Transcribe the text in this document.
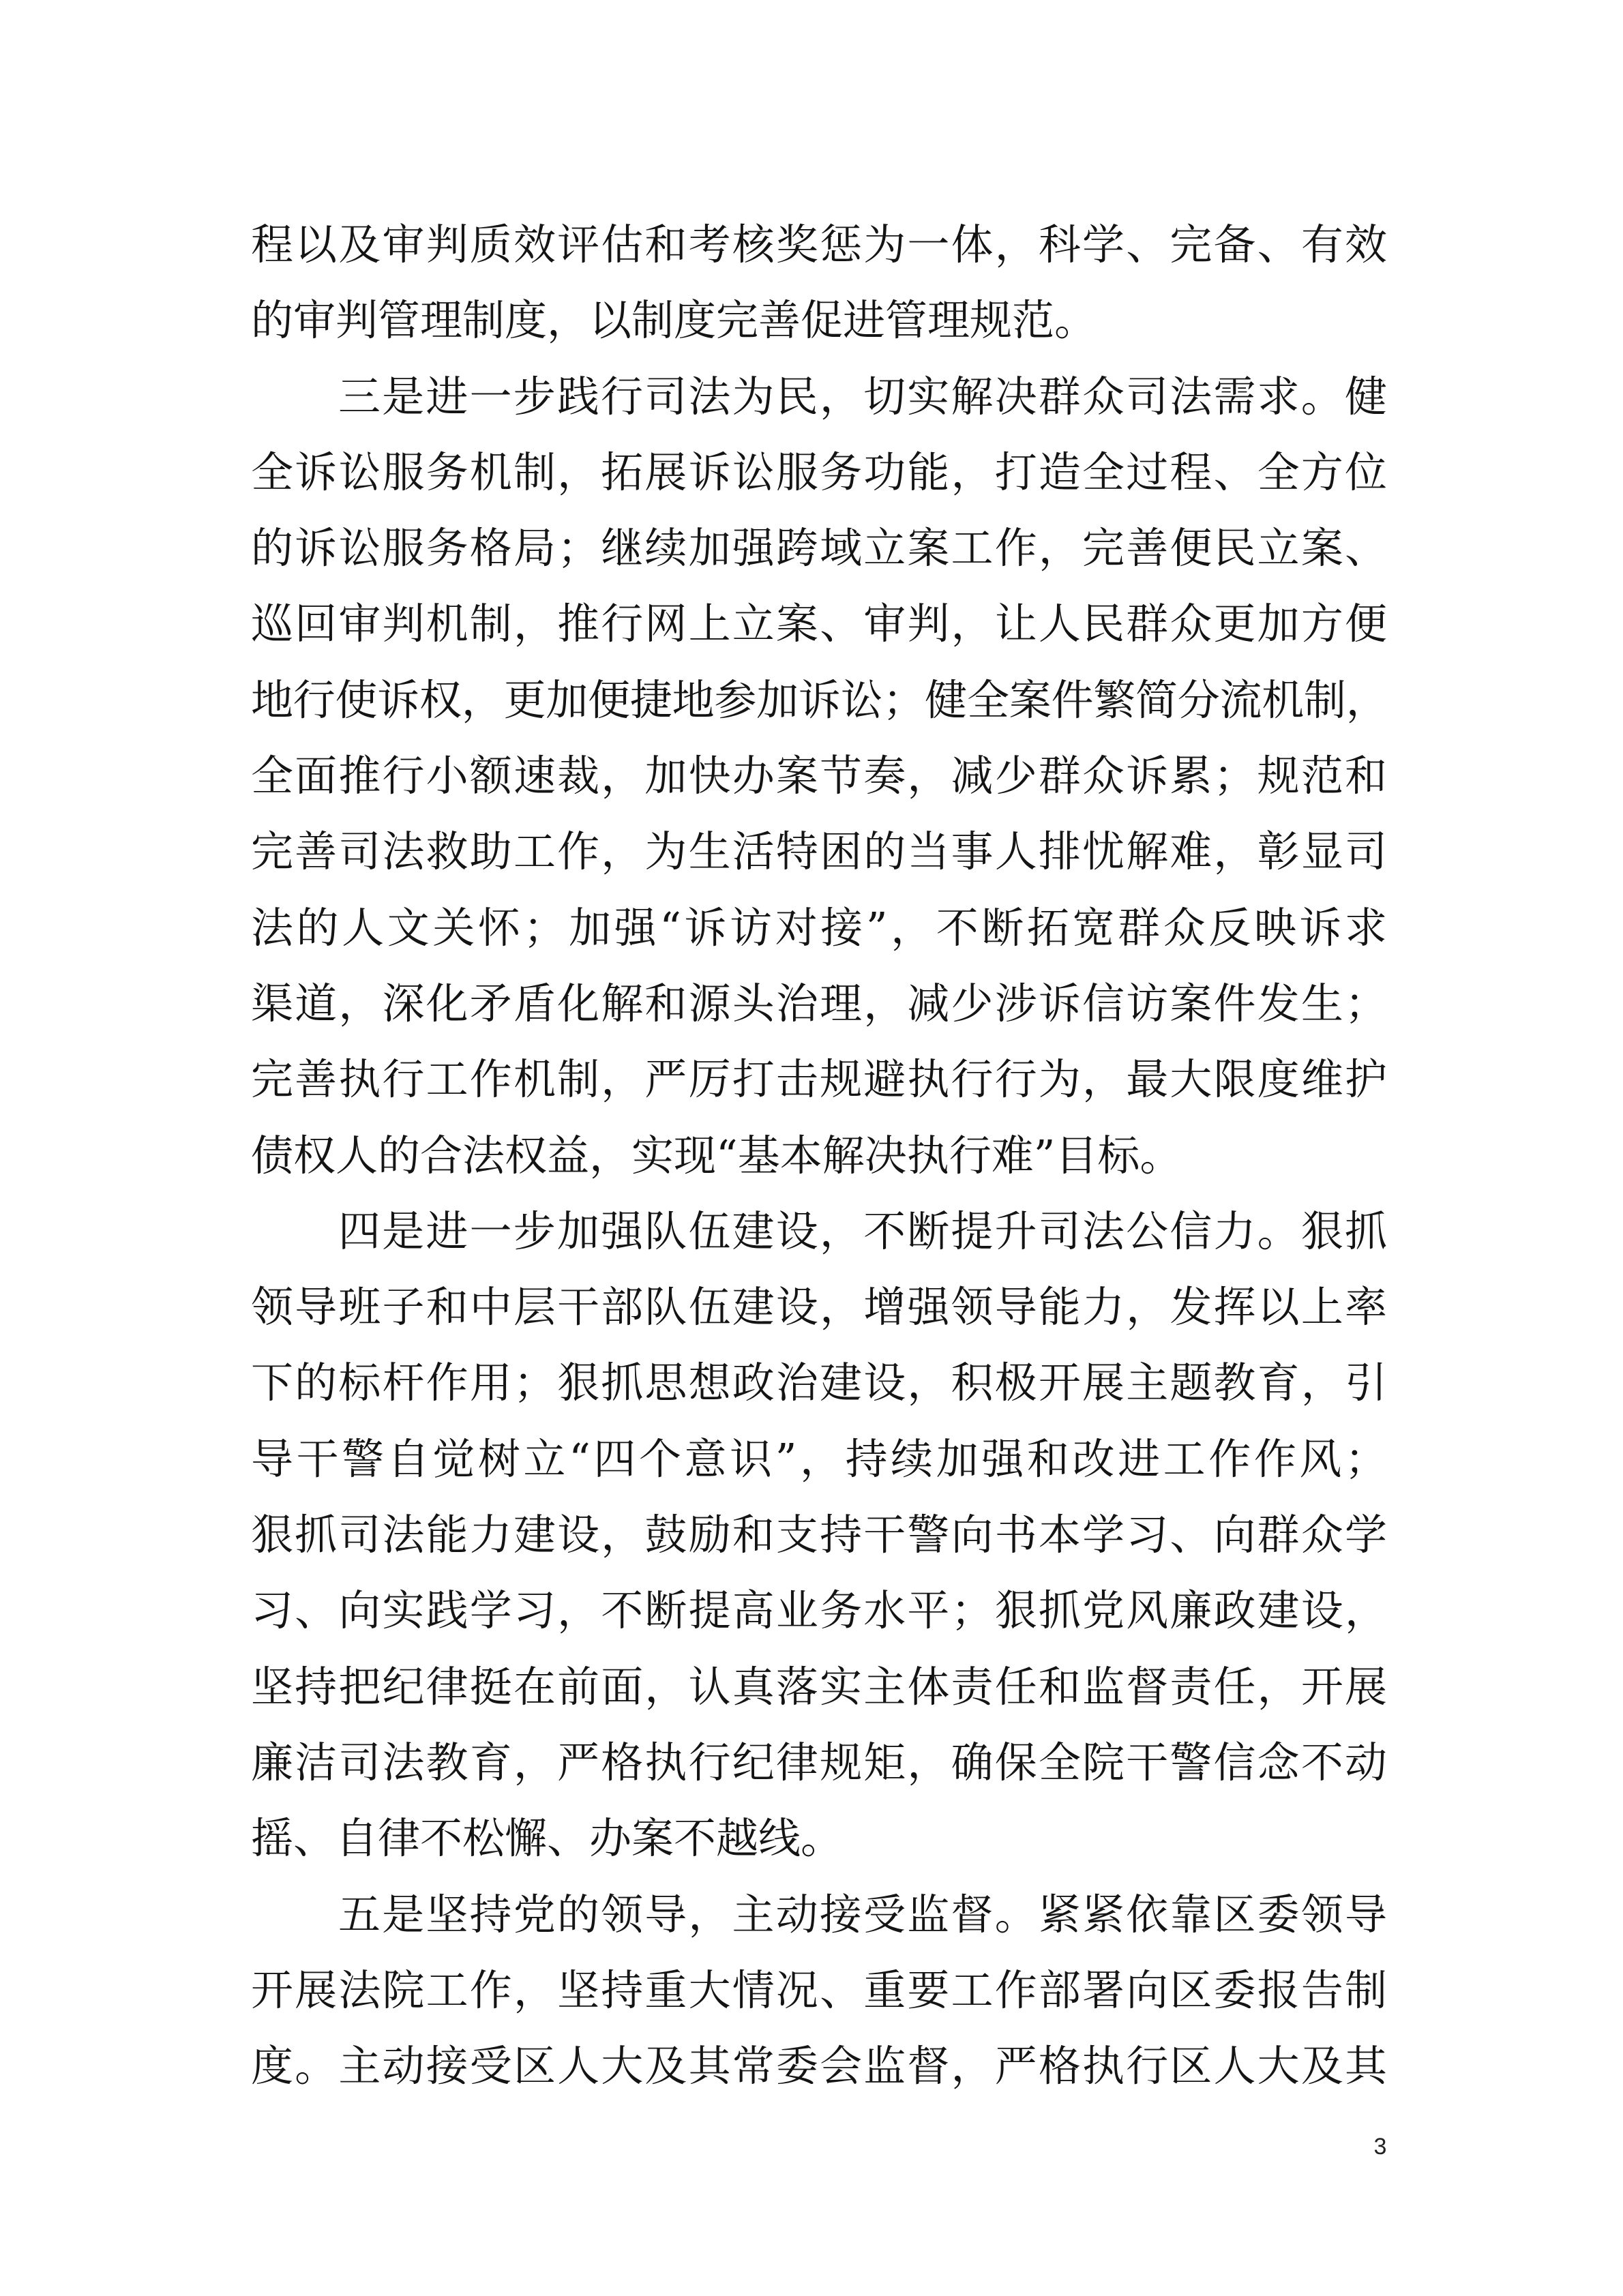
程以及审判质效评估和考核奖惩为一体，科学、完备、有效
的审判管理制度，以制度完善促进管理规范。
三是进一步践行司法为民，切实解决群众司法需求。健
全诉讼服务机制，拓展诉讼服务功能，打造全过程、全方位
的诉讼服务格局；继续加强跨域立案工作，完善便民立案、
巡回审判机制，推行网上立案、审判，让人民群众更加方便
地行使诉权，更加便捷地参加诉讼；健全案件繁简分流机制，
全面推行小额速裁，加快办案节奏，减少群众诉累；规范和
完善司法救助工作，为生活特困的当事人排忧解难，彰显司
法的人文关怀；加强“诉访对接”，不断拓宽群众反映诉求
渠道，深化矛盾化解和源头治理，减少涉诉信访案件发生；
完善执行工作机制，严厉打击规避执行行为，最大限度维护
债权人的合法权益，实现“基本解决执行难”目标。
四是进一步加强队伍建设，不断提升司法公信力。狠抓
领导班子和中层干部队伍建设，增强领导能力，发挥以上率
下的标杆作用；狠抓思想政治建设，积极开展主题教育，引
导干警自觉树立“四个意识”，持续加强和改进工作作风；
狠抓司法能力建设，鼓励和支持干警向书本学习、向群众学
习、向实践学习，不断提高业务水平；狠抓党风廉政建设，
坚持把纪律挺在前面，认真落实主体责任和监督责任，开展
廉洁司法教育，严格执行纪律规矩，确保全院干警信念不动
摇、自律不松懈、办案不越线。
五是坚持党的领导，主动接受监督。紧紧依靠区委领导
开展法院工作，坚持重大情况、重要工作部署向区委报告制
度。主动接受区人大及其常委会监督，严格执行区人大及其
3
